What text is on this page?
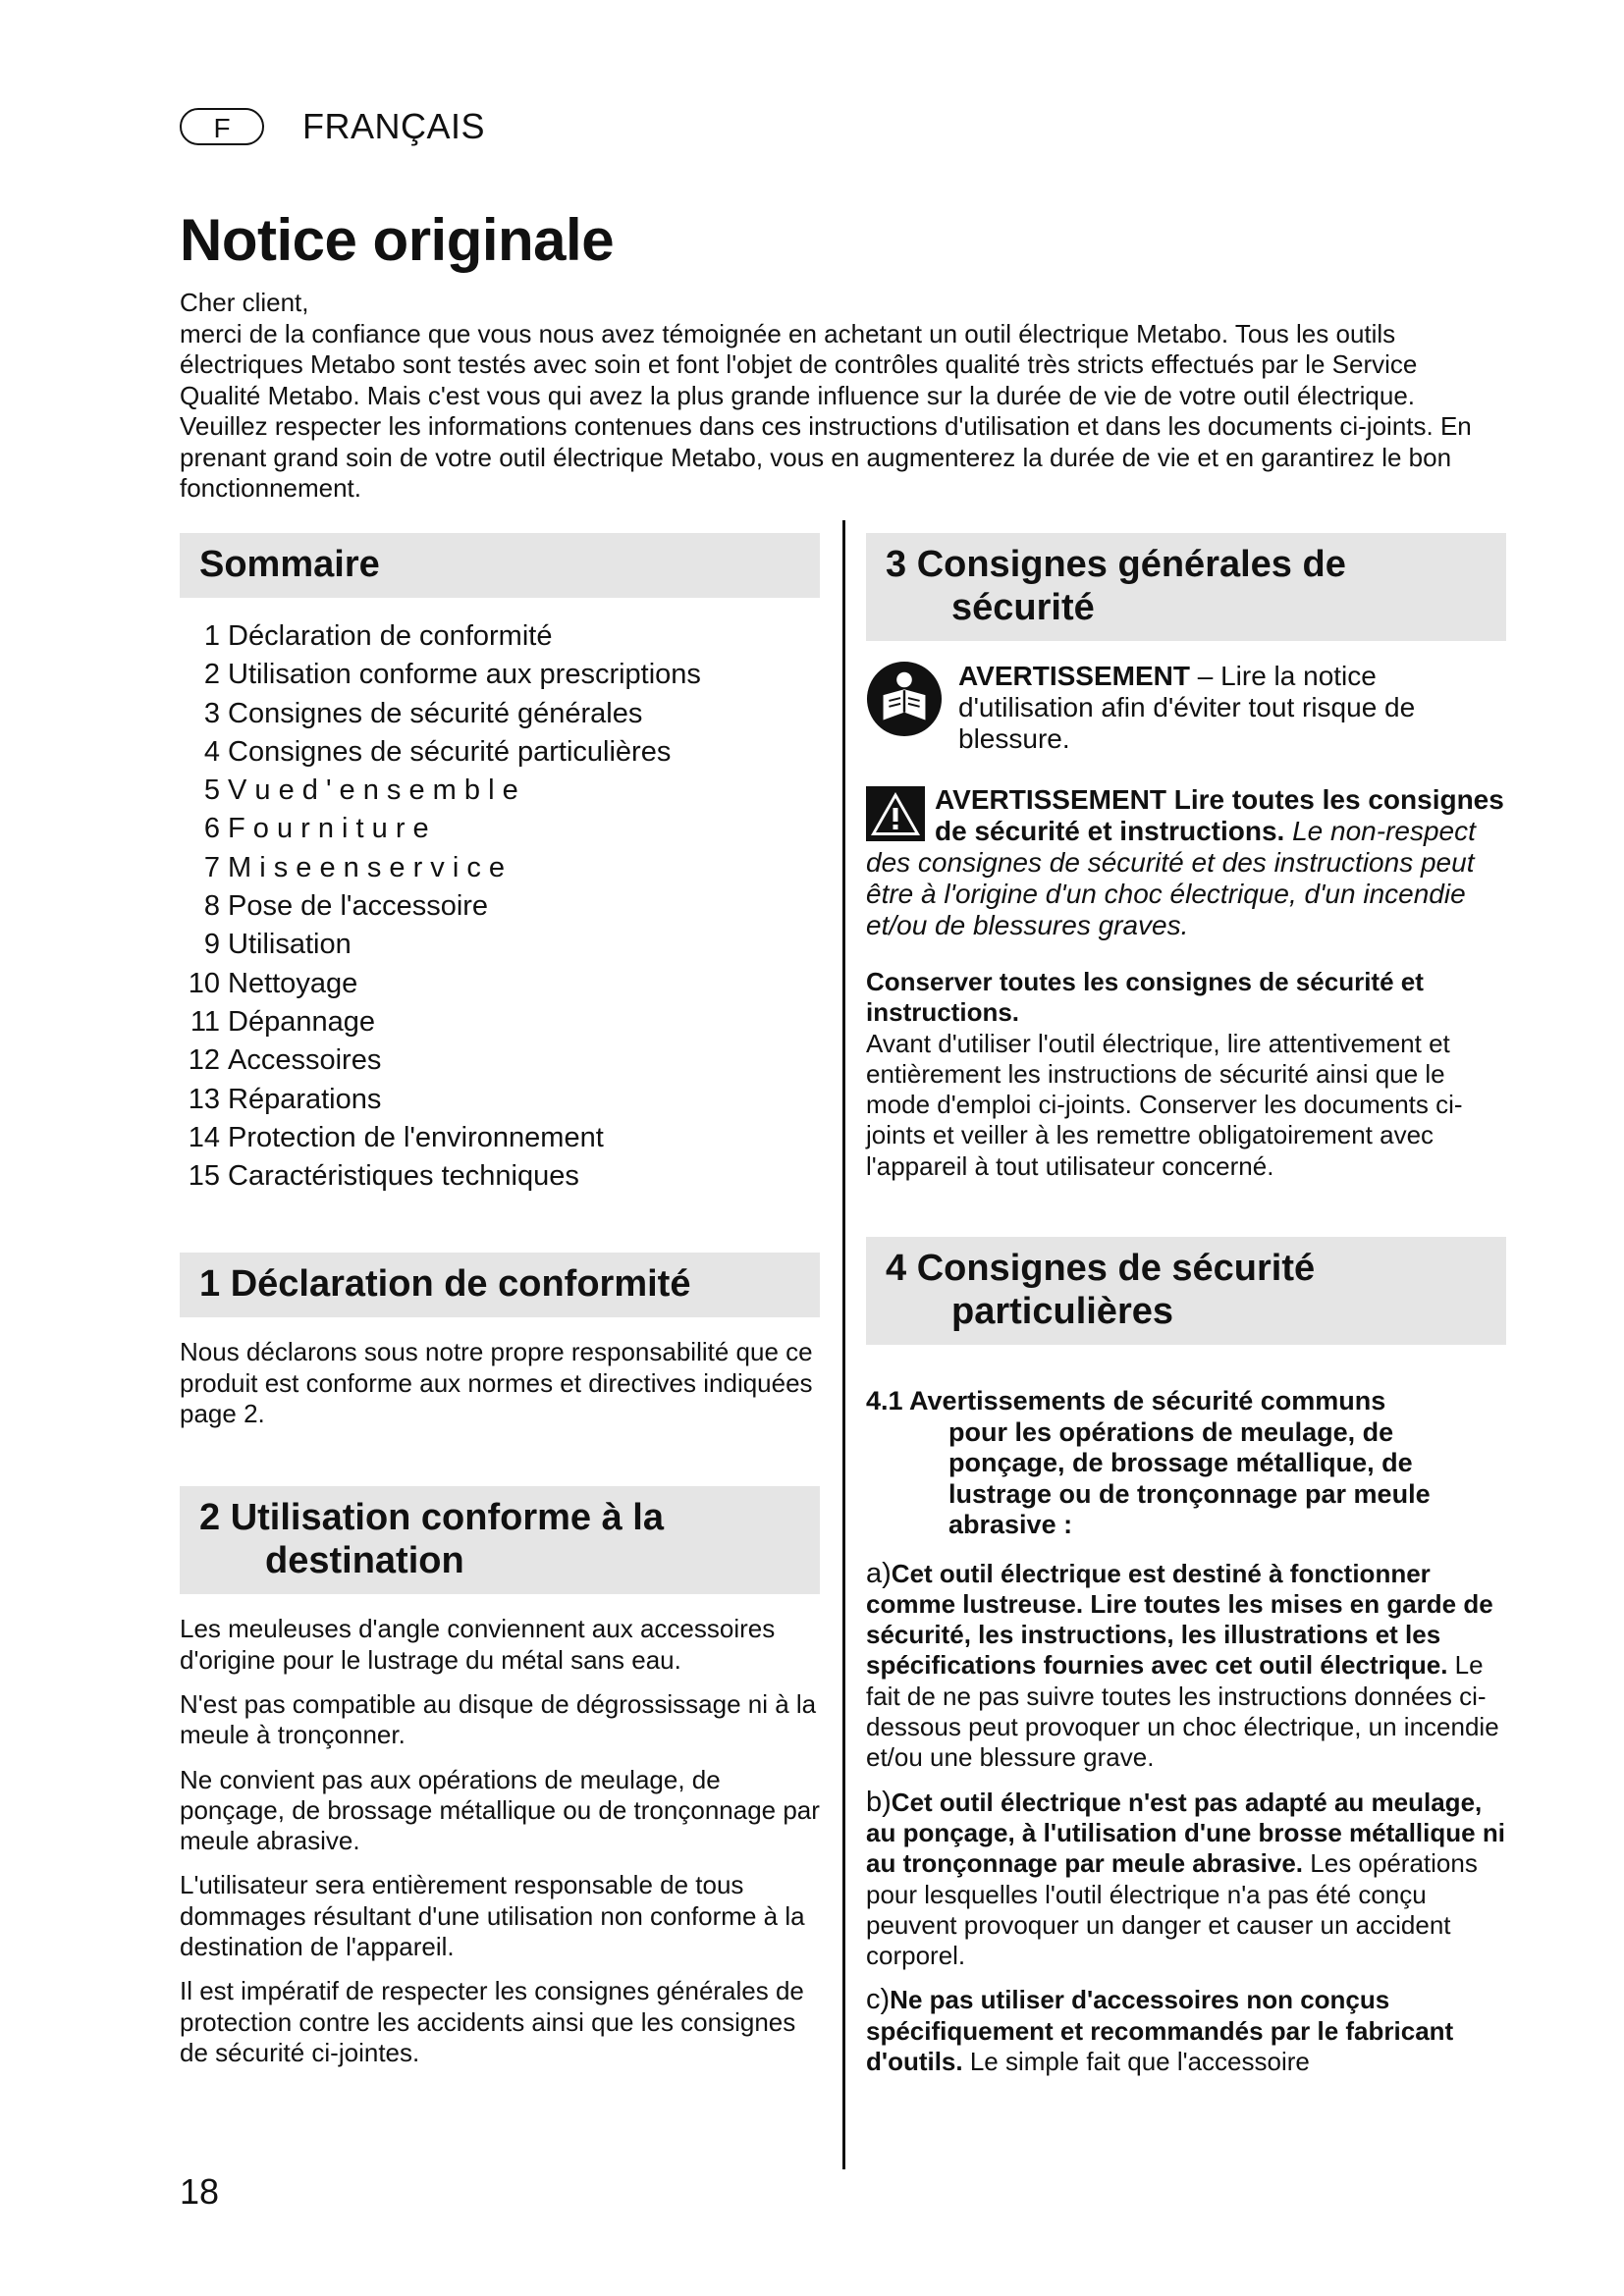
F	FRANÇAIS
Notice originale

Cher client,

merci de la confiance que vous nous avez témoignée en achetant un outil électrique Metabo. Tous les outils électriques Metabo sont testés avec soin et font l'objet de contrôles qualité très stricts effectués par le Service Qualité Metabo. Mais c'est vous qui avez la plus grande influence sur la durée de vie de votre outil électrique. Veuillez respecter les informations contenues dans ces instructions d'utilisation et dans les documents ci-joints. En prenant grand soin de votre outil électrique Metabo, vous en augmenterez la durée de vie et en garantirez le bon fonctionnement.

Sommaire
1 Déclaration de conformité
2 Utilisation conforme aux prescriptions
3 Consignes de sécurité générales
4 Consignes de sécurité particulières
5 V u e d ' e n s e m b l e
6 F o u r n i t u r e
7 M i s e e n s e r v i c e
8 Pose de l'accessoire
9 Utilisation
10 Nettoyage
11 Dépannage
12 Accessoires
13 Réparations
14 Protection de l'environnement
15 Caractéristiques techniques
1 Déclaration de conformité

Nous déclarons sous notre propre responsabilité que ce produit est conforme aux normes et directives indiquées page 2.

2 Utilisation conforme à la
destination

Les meuleuses d'angle conviennent aux accessoires d'origine pour le lustrage du métal sans eau.

N'est pas compatible au disque de dégrossissage ni à la meule à tronçonner.

Ne convient pas aux opérations de meulage, de ponçage, de brossage métallique ou de tronçonnage par meule abrasive.

L'utilisateur sera entièrement responsable de tous dommages résultant d'une utilisation non conforme à la destination de l'appareil.

Il est impératif de respecter les consignes générales de protection contre les accidents ainsi que les consignes de sécurité ci-jointes.

3 Consignes générales de
sécurité
AVERTISSEMENT – Lire la notice d'utilisation afin d'éviter tout risque de blessure.
AVERTISSEMENT Lire toutes les consignes de sécurité et instructions. Le non-respect des consignes de sécurité et des instructions peut être à l'origine d'un choc électrique, d'un incendie et/ou de blessures graves.
Conserver toutes les consignes de sécurité et instructions.

Avant d'utiliser l'outil électrique, lire attentivement et entièrement les instructions de sécurité ainsi que le mode d'emploi ci-joints. Conserver les documents ci-joints et veiller à les remettre obligatoirement avec l'appareil à tout utilisateur concerné.

4 Consignes de sécurité
particulières
4.1 Avertissements de sécurité communs
pour les opérations de meulage, de ponçage, de brossage métallique, de lustrage ou de tronçonnage par meule abrasive :
a)Cet outil électrique est destiné à fonctionner comme lustreuse. Lire toutes les mises en garde de sécurité, les instructions, les illustrations et les spécifications fournies avec cet outil électrique. Le fait de ne pas suivre toutes les instructions données ci-dessous peut provoquer un choc électrique, un incendie et/ou une blessure grave.
b)Cet outil électrique n'est pas adapté au meulage, au ponçage, à l'utilisation d'une brosse métallique ni au tronçonnage par meule abrasive. Les opérations pour lesquelles l'outil électrique n'a pas été conçu peuvent provoquer un danger et causer un accident corporel.
c)Ne pas utiliser d'accessoires non conçus spécifiquement et recommandés par le fabricant d'outils. Le simple fait que l'accessoire
18
